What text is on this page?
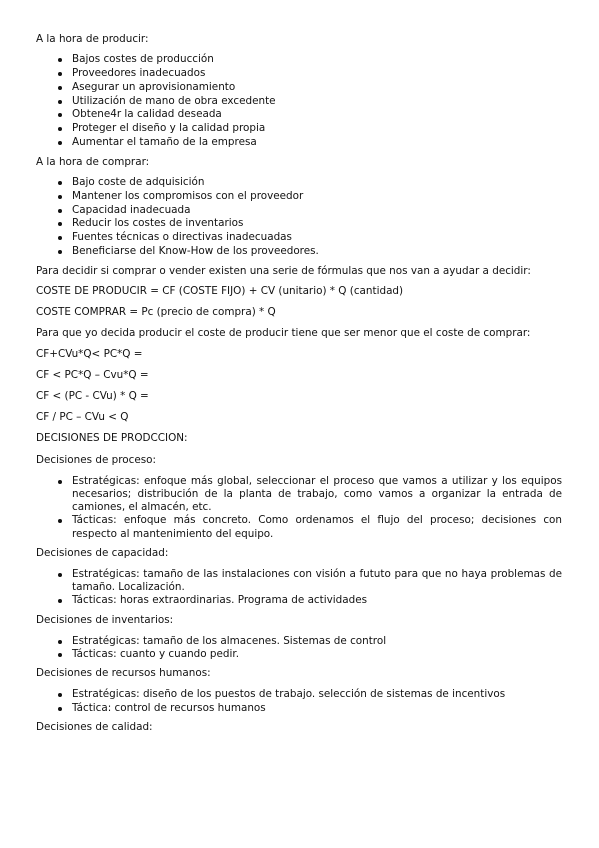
A la hora de producir:

Bajos costes de producción
Proveedores inadecuados
Asegurar un aprovisionamiento
Utilización de mano de obra excedente
Obtene4r la calidad deseada
Proteger el diseño y la calidad propia
Aumentar el tamaño de la empresa

A la hora de comprar:

Bajo coste de adquisición
Mantener los compromisos con el proveedor
Capacidad inadecuada
Reducir los costes de inventarios
Fuentes técnicas o directivas inadecuadas
Beneficiarse del Know-How de los proveedores.

Para decidir si comprar o vender existen una serie de fórmulas que nos van a ayudar a decidir:

COSTE DE PRODUCIR = CF (COSTE FIJO) + CV (unitario) * Q (cantidad)

COSTE COMPRAR = Pc (precio de compra) * Q

Para que yo decida producir el coste de producir tiene que ser menor que el coste de comprar:

CF+CVu*Q< PC*Q =

CF < PC*Q – Cvu*Q =

CF < (PC - CVu) * Q =

CF / PC – CVu < Q

DECISIONES DE PRODCCION:

Decisiones de proceso:

Estratégicas: enfoque más global, seleccionar el proceso que vamos a utilizar y los equipos necesarios; distribución de la planta de trabajo, como vamos a organizar la entrada de camiones, el almacén, etc.
Tácticas: enfoque más concreto. Como ordenamos el flujo del proceso; decisiones con respecto al mantenimiento del equipo.

Decisiones de capacidad:

Estratégicas: tamaño de las instalaciones con visión a fututo para que no haya problemas de tamaño. Localización.
Tácticas: horas extraordinarias. Programa de actividades

Decisiones de inventarios:

Estratégicas: tamaño de los almacenes. Sistemas de control
Tácticas: cuanto y cuando pedir.

Decisiones de recursos humanos:

Estratégicas: diseño de los puestos de trabajo. selección de sistemas de incentivos
Táctica: control de recursos humanos

Decisiones de calidad:
